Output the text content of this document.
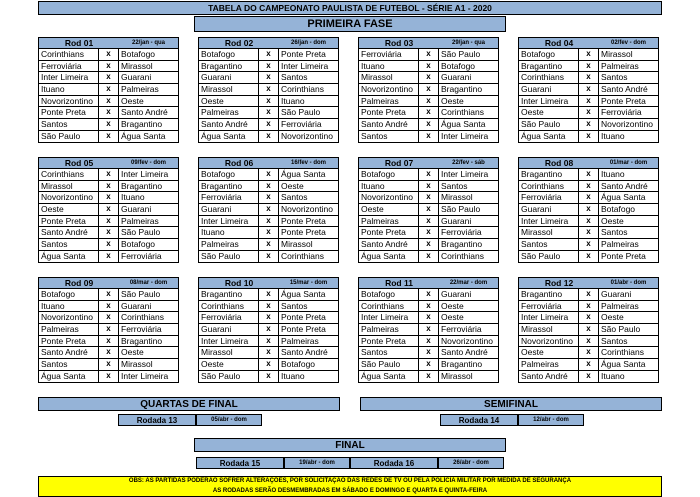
TABELA DO CAMPEONATO PAULISTA DE FUTEBOL - SÉRIE A1 - 2020
PRIMEIRA FASE
Rod 01	22/jan - qua
Corinthians	x	Botafogo
Ferroviária	x	Mirassol
Inter Limeira	x	Guarani
Ituano	x	Palmeiras
Novorizontino	x	Oeste
Ponte Preta	x	Santo André
Santos	x	Bragantino
São Paulo	x	Água Santa
Rod 02	26/jan - dom
Botafogo	x	Ponte Preta
Bragantino	x	Inter Limeira
Guarani	x	Santos
Mirassol	x	Corinthians
Oeste	x	Ituano
Palmeiras	x	São Paulo
Santo André	x	Ferroviária
Água Santa	x	Novorizontino
Rod 03	29/jan - qua
Ferroviária	x	São Paulo
Ituano	x	Botafogo
Mirassol	x	Guarani
Novorizontino	x	Bragantino
Palmeiras	x	Oeste
Ponte Preta	x	Corinthians
Santo André	x	Água Santa
Santos	x	Inter Limeira
Rod 04	02/fev - dom
Botafogo	x	Mirassol
Bragantino	x	Palmeiras
Corinthians	x	Santos
Guarani	x	Santo André
Inter Limeira	x	Ponte Preta
Oeste	x	Ferroviária
São Paulo	x	Novorizontino
Água Santa	x	Ituano
Rod 05	09/fev - dom
Corinthians	x	Inter Limeira
Mirassol	x	Bragantino
Novorizontino	x	Ituano
Oeste	x	Guarani
Ponte Preta	x	Palmeiras
Santo André	x	São Paulo
Santos	x	Botafogo
Água Santa	x	Ferroviária
Rod 06	16/fev - dom
Botafogo	x	Água Santa
Bragantino	x	Oeste
Ferroviária	x	Santos
Guarani	x	Novorizontino
Inter Limeira	x	Ponte Preta
Ituano	x	Ponte Preta
Palmeiras	x	Mirassol
São Paulo	x	Corinthians
Rod 07	22/fev - sáb
Botafogo	x	Inter Limeira
Ituano	x	Santos
Novorizontino	x	Mirassol
Oeste	x	São Paulo
Palmeiras	x	Guarani
Ponte Preta	x	Ferroviária
Santo André	x	Bragantino
Água Santa	x	Corinthians
Rod 08	01/mar - dom
Bragantino	x	Ituano
Corinthians	x	Santo André
Ferroviária	x	Água Santa
Guarani	x	Botafogo
Inter Limeira	x	Oeste
Mirassol	x	Santos
Santos	x	Palmeiras
São Paulo	x	Ponte Preta
Rod 09	08/mar - dom
Botafogo	x	São Paulo
Ituano	x	Guarani
Novorizontino	x	Corinthians
Palmeiras	x	Ferroviária
Ponte Preta	x	Bragantino
Santo André	x	Oeste
Santos	x	Mirassol
Água Santa	x	Inter Limeira
Rod 10	15/mar - dom
Bragantino	x	Água Santa
Corinthians	x	Santos
Ferroviária	x	Ponte Preta
Guarani	x	Ponte Preta
Inter Limeira	x	Palmeiras
Mirassol	x	Santo André
Oeste	x	Botafogo
São Paulo	x	Ituano
Rod 11	22/mar - dom
Botafogo	x	Guarani
Corinthians	x	Oeste
Inter Limeira	x	Oeste
Palmeiras	x	Ferroviária
Ponte Preta	x	Novorizontino
Santos	x	Santo André
São Paulo	x	Bragantino
Água Santa	x	Mirassol
Rod 12	01/abr - dom
Bragantino	x	Guarani
Ferroviária	x	Palmeiras
Inter Limeira	x	Oeste
Mirassol	x	São Paulo
Novorizontino	x	Santos
Oeste	x	Corinthians
Palmeiras	x	Água Santa
Santo André	x	Ituano
QUARTAS DE FINAL
Rodada 13	05/abr - dom
SEMIFINAL
Rodada 14	12/abr - dom
FINAL
Rodada 15	19/abr - dom	Rodada 16	26/abr - dom
OBS: AS PARTIDAS PODERÃO SOFRER ALTERAÇÕES, POR SOLICITAÇÃO DAS REDES DE TV OU PELA POLÍCIA MILITAR POR MEDIDA DE SEGURANÇA
AS RODADAS SERÃO DESMEMBRADAS EM SÁBADO E DOMINGO E QUARTA E QUINTA-FEIRA
